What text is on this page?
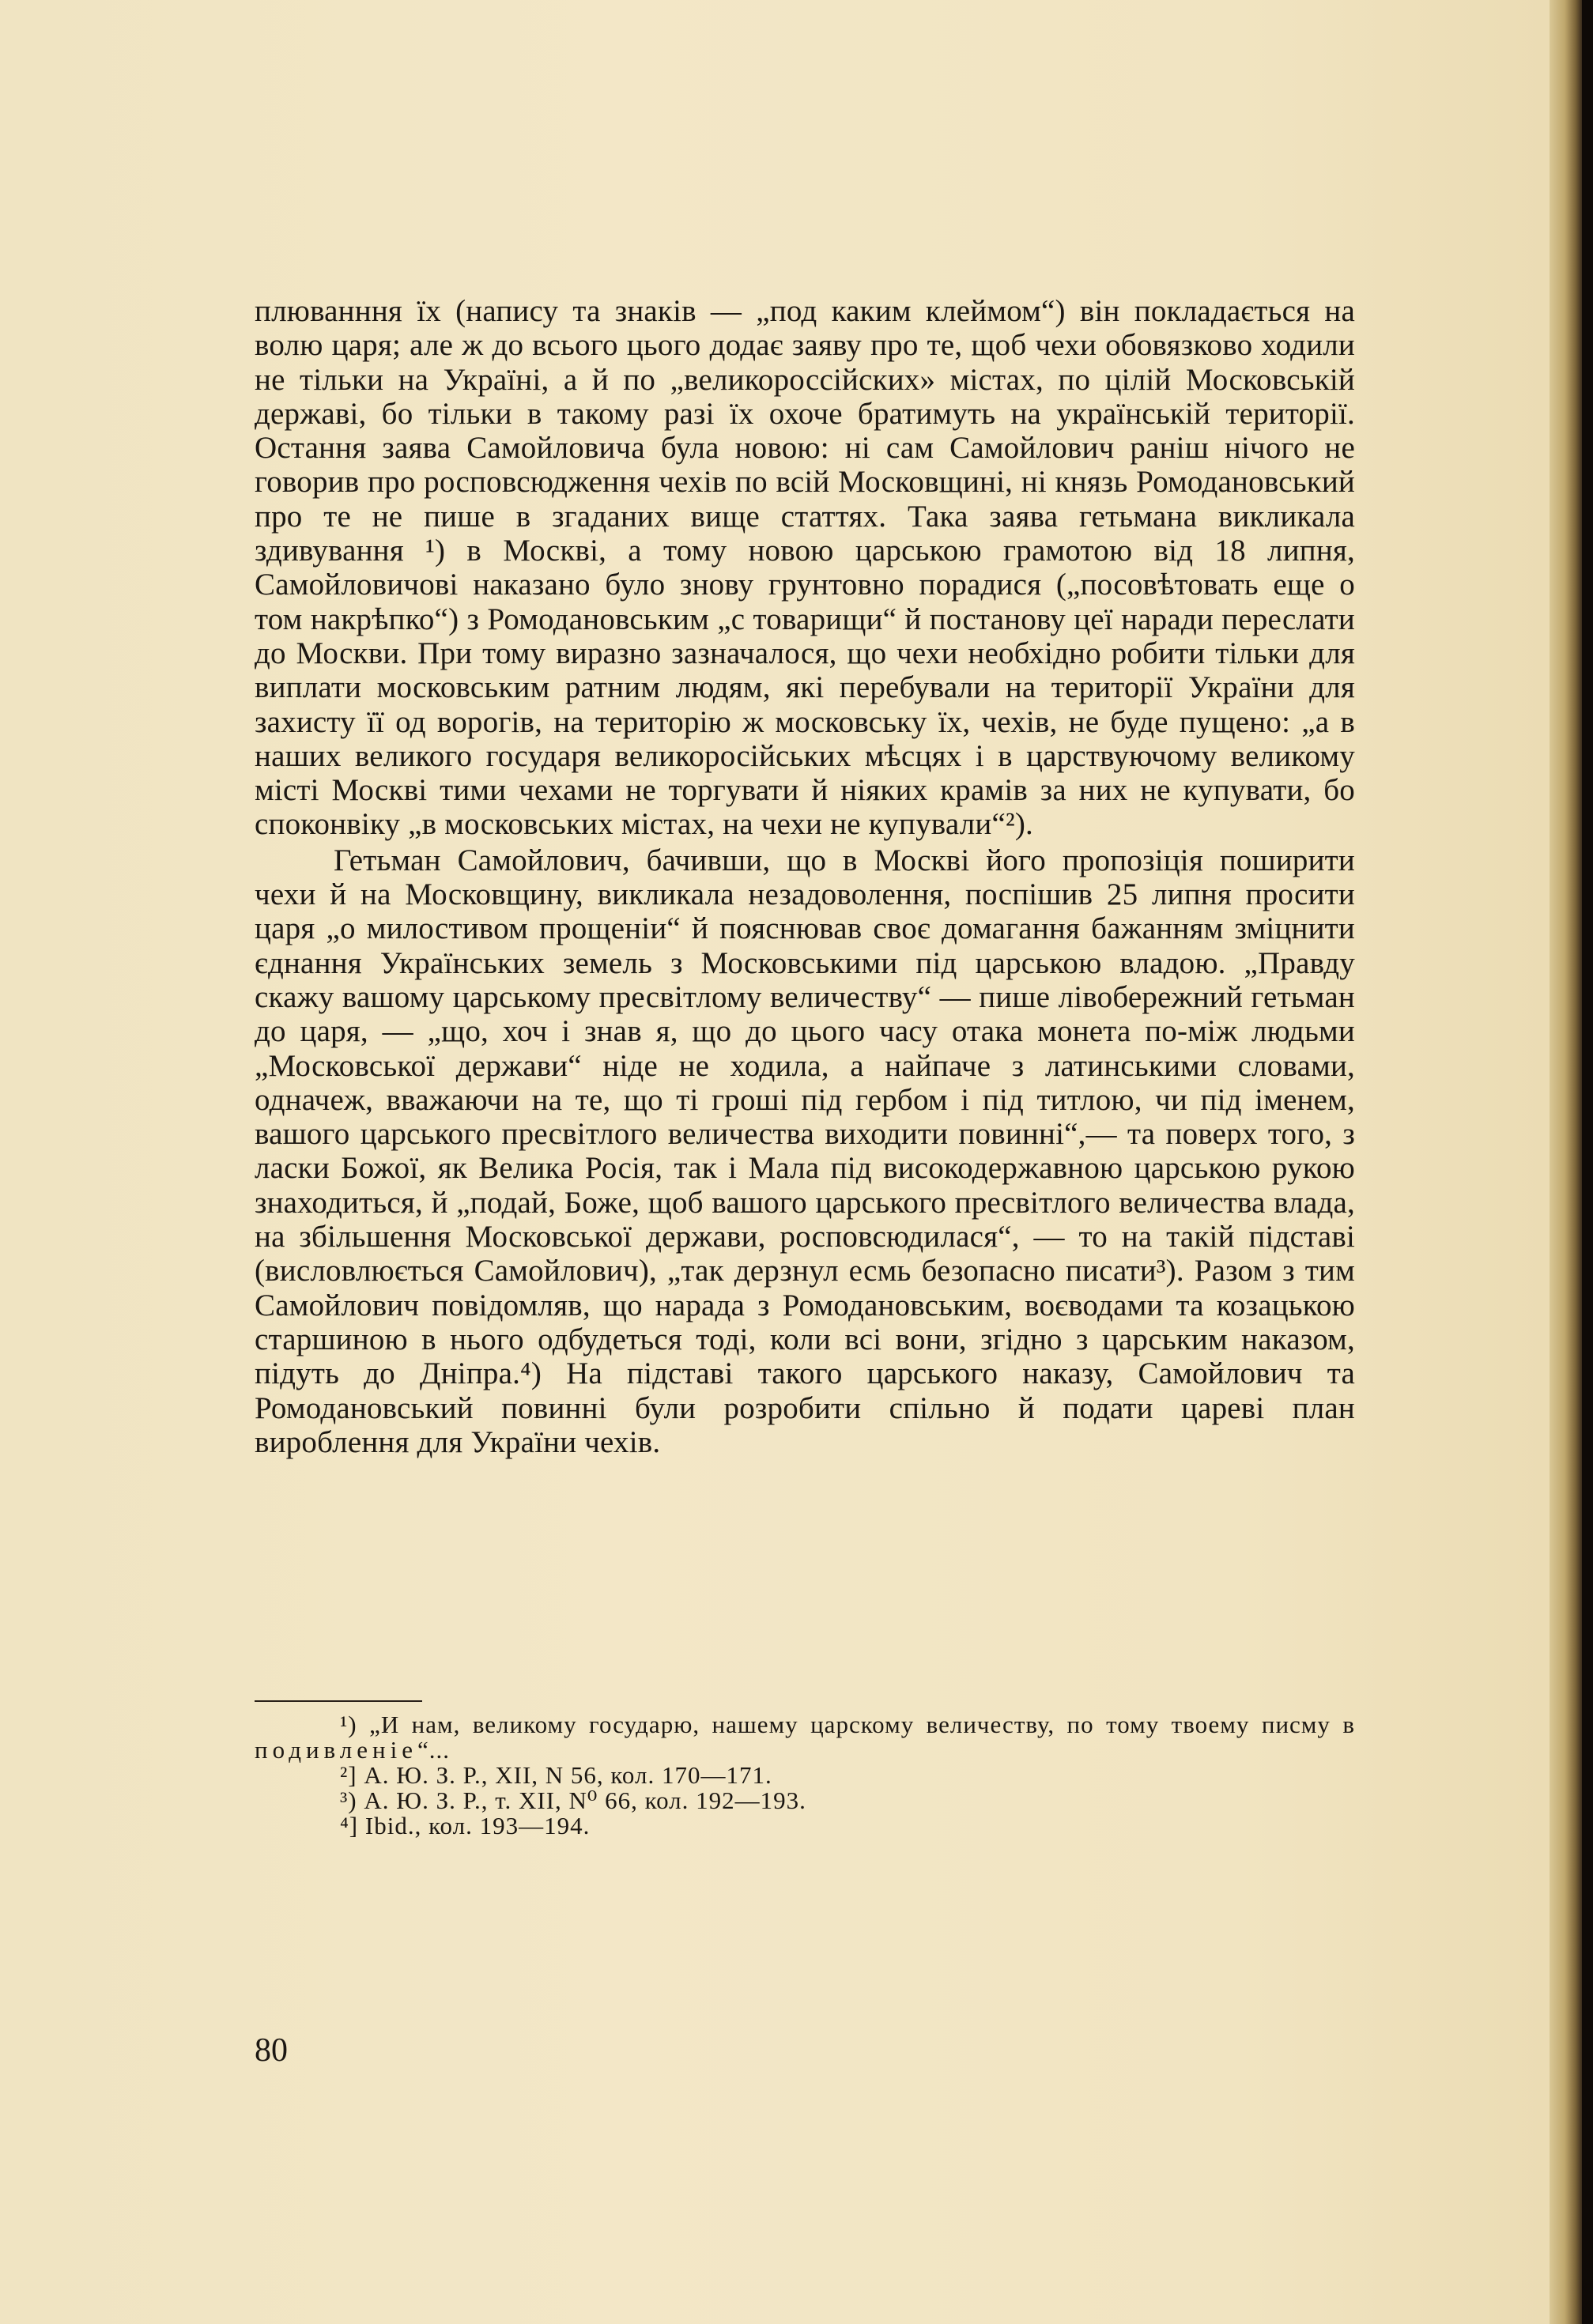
плюванння їх (напису та знаків — „под каким клеймом“) він покладається на волю царя; але ж до всього цього додає заяву про те, щоб чехи обовязково ходили не тільки на Україні, а й по „великороссійских» містах, по цілій Московській державі, бо тільки в такому разі їх охоче братимуть на українській території. Остання заява Самойловича була новою: ні сам Самойлович раніш нічого не говорив про росповсюдження чехів по всій Московщині, ні князь Ромодановський про те не пише в згаданих вище статтях. Така заява гетьмана викликала здивування ¹) в Москві, а тому новою царською грамотою від 18 липня, Самойловичові наказано було знову грунтовно порадися („посовѣтовать еще о том накрѣпко“) з Ромодановським „с товарищи“ й постанову цеї наради переслати до Москви. При тому виразно зазначалося, що чехи необхідно робити тільки для виплати московським ратним людям, які перебували на території України для захисту її од ворогів, на територію ж московську їх, чехів, не буде пущено: „а в наших великого государя великоросійських мѣсцях і в царствуючому великому місті Москві тими чехами не торгувати й ніяких крамів за них не купувати, бо споконвіку „в московських містах, на чехи не купували“²).

Гетьман Самойлович, бачивши, що в Москві його пропозіція поширити чехи й на Московщину, викликала незадоволення, поспішив 25 липня просити царя „о милостивом прощеніи“ й пояснював своє домагання бажанням зміцнити єднання Українських земель з Московськими під царською владою. „Правду скажу вашому царському пресвітлому величеству“ — пише лівобережний гетьман до царя, — „що, хоч і знав я, що до цього часу отака монета по-між людьми „Московської держави“ ніде не ходила, а найпаче з латинськими словами, одначеж, вважаючи на те, що ті гроші під гербом і під титлою, чи під іменем, вашого царського пресвітлого величества виходити повинні“,— та поверх того, з ласки Божої, як Велика Росія, так і Мала під високодержавною царською рукою знаходиться, й „подай, Боже, щоб вашого царського пресвітлого величества влада, на збільшення Московської держави, росповсюдилася“, — то на такій підставі (висловлюється Самойлович), „так дерзнул есмь безопасно писати³). Разом з тим Самойлович повідомляв, що нарада з Ромодановським, воєводами та козацькою старшиною в нього одбудеться тоді, коли всі вони, згідно з царським наказом, підуть до Дніпра.⁴) На підставі такого царського наказу, Самойлович та Ромодановський повинні були розробити спільно й подати цареві план вироблення для України чехів.

¹) „И нам, великому государю, нашему царскому величеству, по тому твоему писму в подивленіе“...

²] А. Ю. З. Р., XII, N 56, кол. 170—171.

³) А. Ю. З. Р., т. XII, N⁰ 66, кол. 192—193.

⁴] Ibid., кол. 193—194.

80
